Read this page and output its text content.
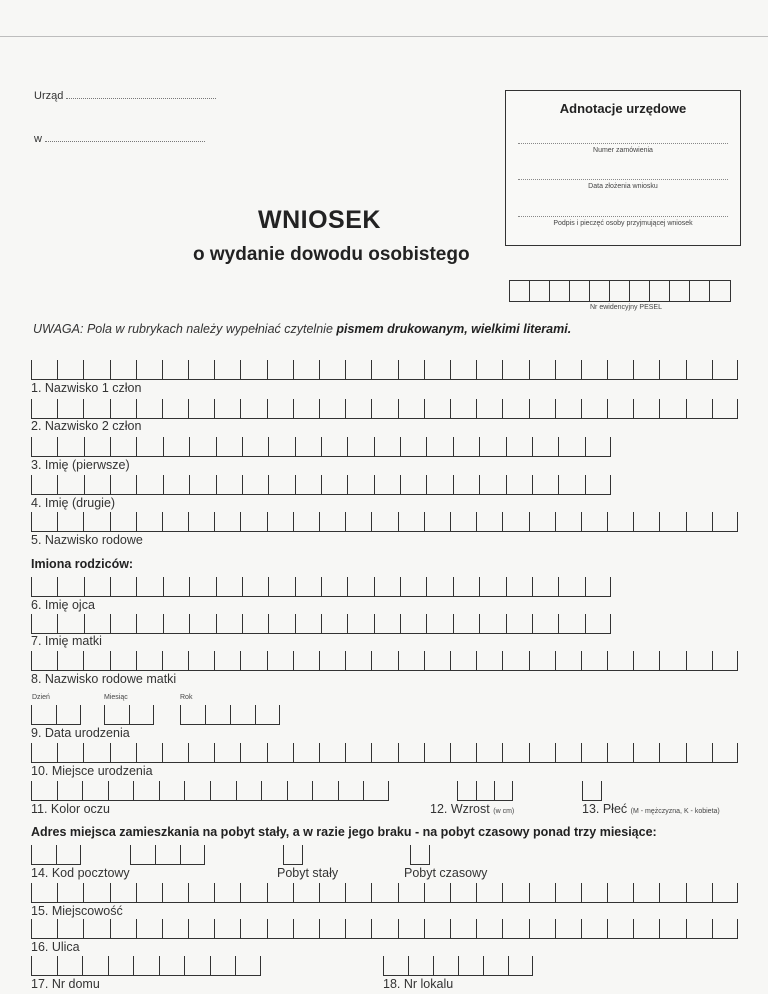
Urząd
w
WNIOSEK
o wydanie dowodu osobistego
Adnotacje urzędowe
Numer zamówienia
Data złożenia wniosku
Podpis i pieczęć osoby przyjmującej wniosek
Nr ewidencyjny PESEL
UWAGA: Pola w rubrykach należy wypełniać czytelnie pismem drukowanym, wielkimi literami.
1. Nazwisko 1 człon
2. Nazwisko 2 człon
3. Imię (pierwsze)
4. Imię (drugie)
5. Nazwisko rodowe
Imiona rodziców:
6. Imię ojca
7. Imię matki
8. Nazwisko rodowe matki
Dzień	Miesiąc	Rok
9. Data urodzenia
10. Miejsce urodzenia
11. Kolor oczu	12. Wzrost (w cm)	13. Płeć (M - mężczyzna, K - kobieta)
Adres miejsca zamieszkania na pobyt stały, a w razie jego braku - na pobyt czasowy ponad trzy miesiące:
14. Kod pocztowy	Pobyt stały	Pobyt czasowy
15. Miejscowość
16. Ulica
17. Nr domu	18. Nr lokalu
